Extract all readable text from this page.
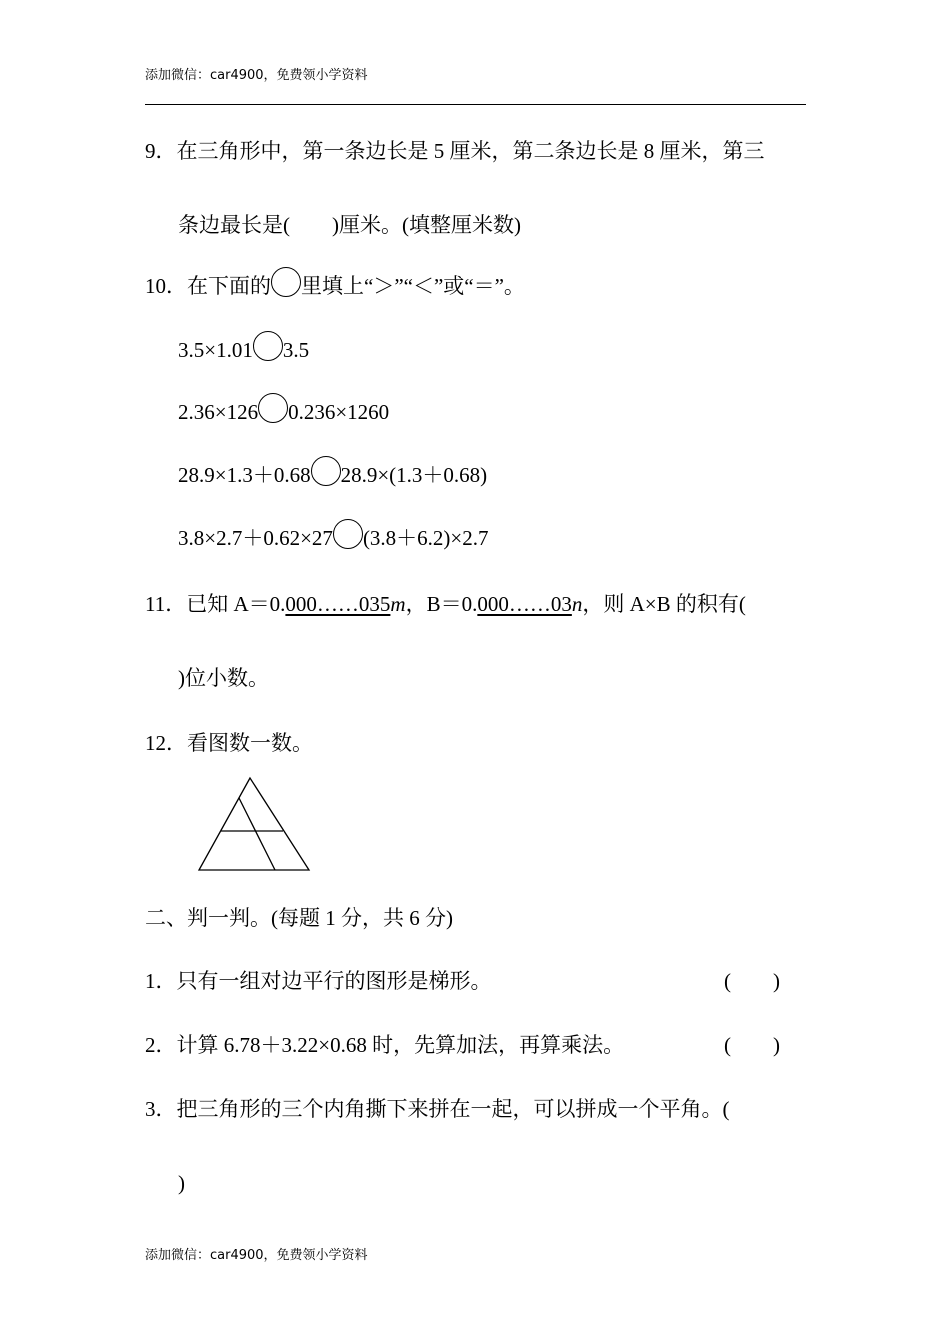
添加微信：car4900，免费领小学资料
9．在三角形中，第一条边长是 5 厘米，第二条边长是 8 厘米，第三
条边最长是( )厘米。(填整厘米数)
10．在下面的 里填上“＞”“＜”或“＝”。
3.5×1.01 3.5
2.36×126 0.236×1260
28.9×1.3＋0.68 28.9×(1.3＋0.68)
3.8×2.7＋0.62×27 (3.8＋6.2)×2.7
11．已知 A＝0.000……035m，B＝0.000……03n，则 A×B 的积有(
)位小数。
12．看图数一数。
二、判一判。(每题 1 分，共 6 分)
1．只有一组对边平行的图形是梯形。	(　　)
2．计算 6.78＋3.22×0.68 时，先算加法，再算乘法。	(　　)
3．把三角形的三个内角撕下来拼在一起，可以拼成一个平角。(
)
添加微信：car4900，免费领小学资料
